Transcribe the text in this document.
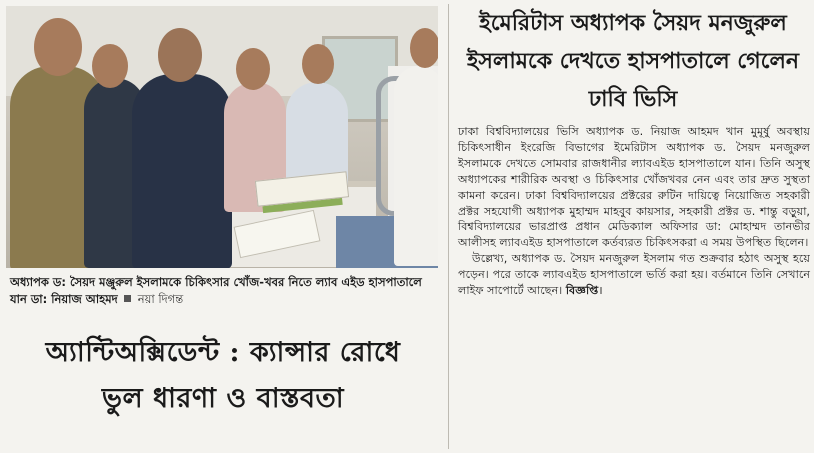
অধ্যাপক ড: সৈয়দ মঞ্জুরুল ইসলামকে চিকিৎসার খোঁজ-খবর নিতে ল্যাব এইড হাসপাতালে যান ডা: নিয়াজ আহমদ নয়া দিগন্ত
অ্যান্টিঅক্সিডেন্ট : ক্যান্সার রোধে
ভুল ধারণা ও বাস্তবতা
ইমেরিটাস অধ্যাপক সৈয়দ মনজুরুল ইসলামকে দেখতে হাসপাতালে গেলেন ঢাবি ভিসি

ঢাকা বিশ্ববিদ্যালয়ের ভিসি অধ্যাপক ড. নিয়াজ আহমদ খান মুমূর্ষু অবস্থায় চিকিৎসাধীন ইংরেজি বিভাগের ইমেরিটাস অধ্যাপক ড. সৈয়দ মনজুরুল ইসলামকে দেখতে সোমবার রাজধানীর ল্যাবএইড হাসপাতালে যান। তিনি অসুস্থ অধ্যাপকের শারীরিক অবস্থা ও চিকিৎসার খোঁজখবর নেন এবং তার দ্রুত সুস্থতা কামনা করেন। ঢাকা বিশ্ববিদ্যালয়ের প্রক্টরের রুটিন দায়িত্বে নিয়োজিত সহকারী প্রক্টর সহযোগী অধ্যাপক মুহাম্মদ মাহবুব কায়সার, সহকারী প্রক্টর ড. শান্তু বড়ুয়া, বিশ্ববিদ্যালয়ের ভারপ্রাপ্ত প্রধান মেডিক্যাল অফিসার ডা: মোহাম্মদ তানভীর আলীসহ ল্যাবএইড হাসপাতালে কর্তব্যরত চিকিৎসকরা এ সময় উপস্থিত ছিলেন।

উল্লেখ্য, অধ্যাপক ড. সৈয়দ মনজুরুল ইসলাম গত শুক্রবার হঠাৎ অসুস্থ হয়ে পড়েন। পরে তাকে ল্যাবএইড হাসপাতালে ভর্তি করা হয়। বর্তমানে তিনি সেখানে লাইফ সাপোর্টে আছেন। বিজ্ঞপ্তি।
